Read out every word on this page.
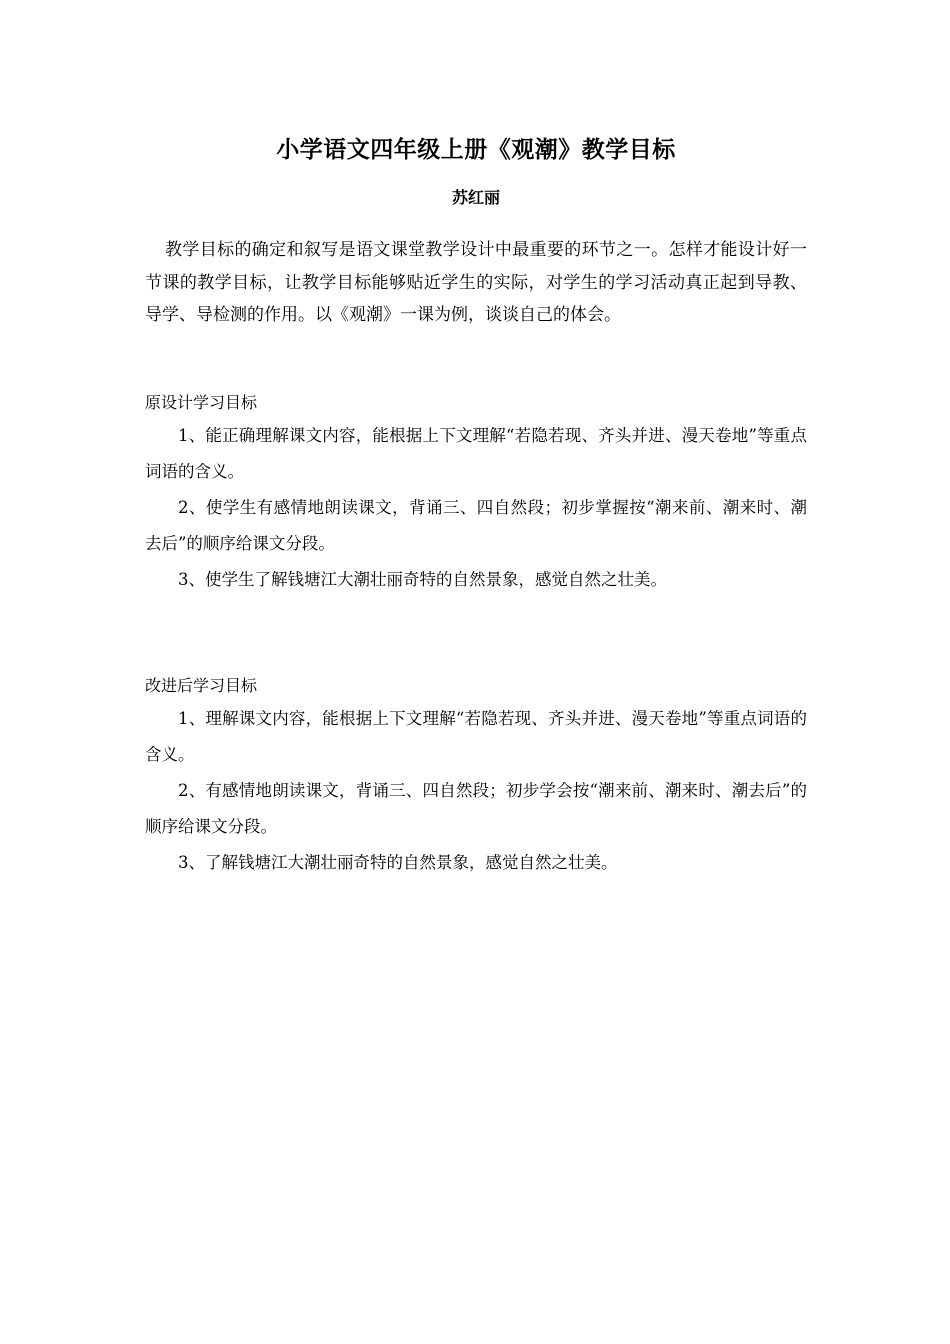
小学语文四年级上册《观潮》教学目标
苏红丽

教学目标的确定和叙写是语文课堂教学设计中最重要的环节之一。怎样才能设计好一节课的教学目标，让教学目标能够贴近学生的实际，对学生的学习活动真正起到导教、导学、导检测的作用。以《观潮》一课为例，谈谈自己的体会。

原设计学习目标

1、能正确理解课文内容，能根据上下文理解“若隐若现、齐头并进、漫天卷地”等重点词语的含义。

2、使学生有感情地朗读课文，背诵三、四自然段；初步掌握按“潮来前、潮来时、潮去后”的顺序给课文分段。

3、使学生了解钱塘江大潮壮丽奇特的自然景象，感觉自然之壮美。

改进后学习目标

1、理解课文内容，能根据上下文理解“若隐若现、齐头并进、漫天卷地”等重点词语的含义。

2、有感情地朗读课文，背诵三、四自然段；初步学会按“潮来前、潮来时、潮去后”的顺序给课文分段。

3、了解钱塘江大潮壮丽奇特的自然景象，感觉自然之壮美。
